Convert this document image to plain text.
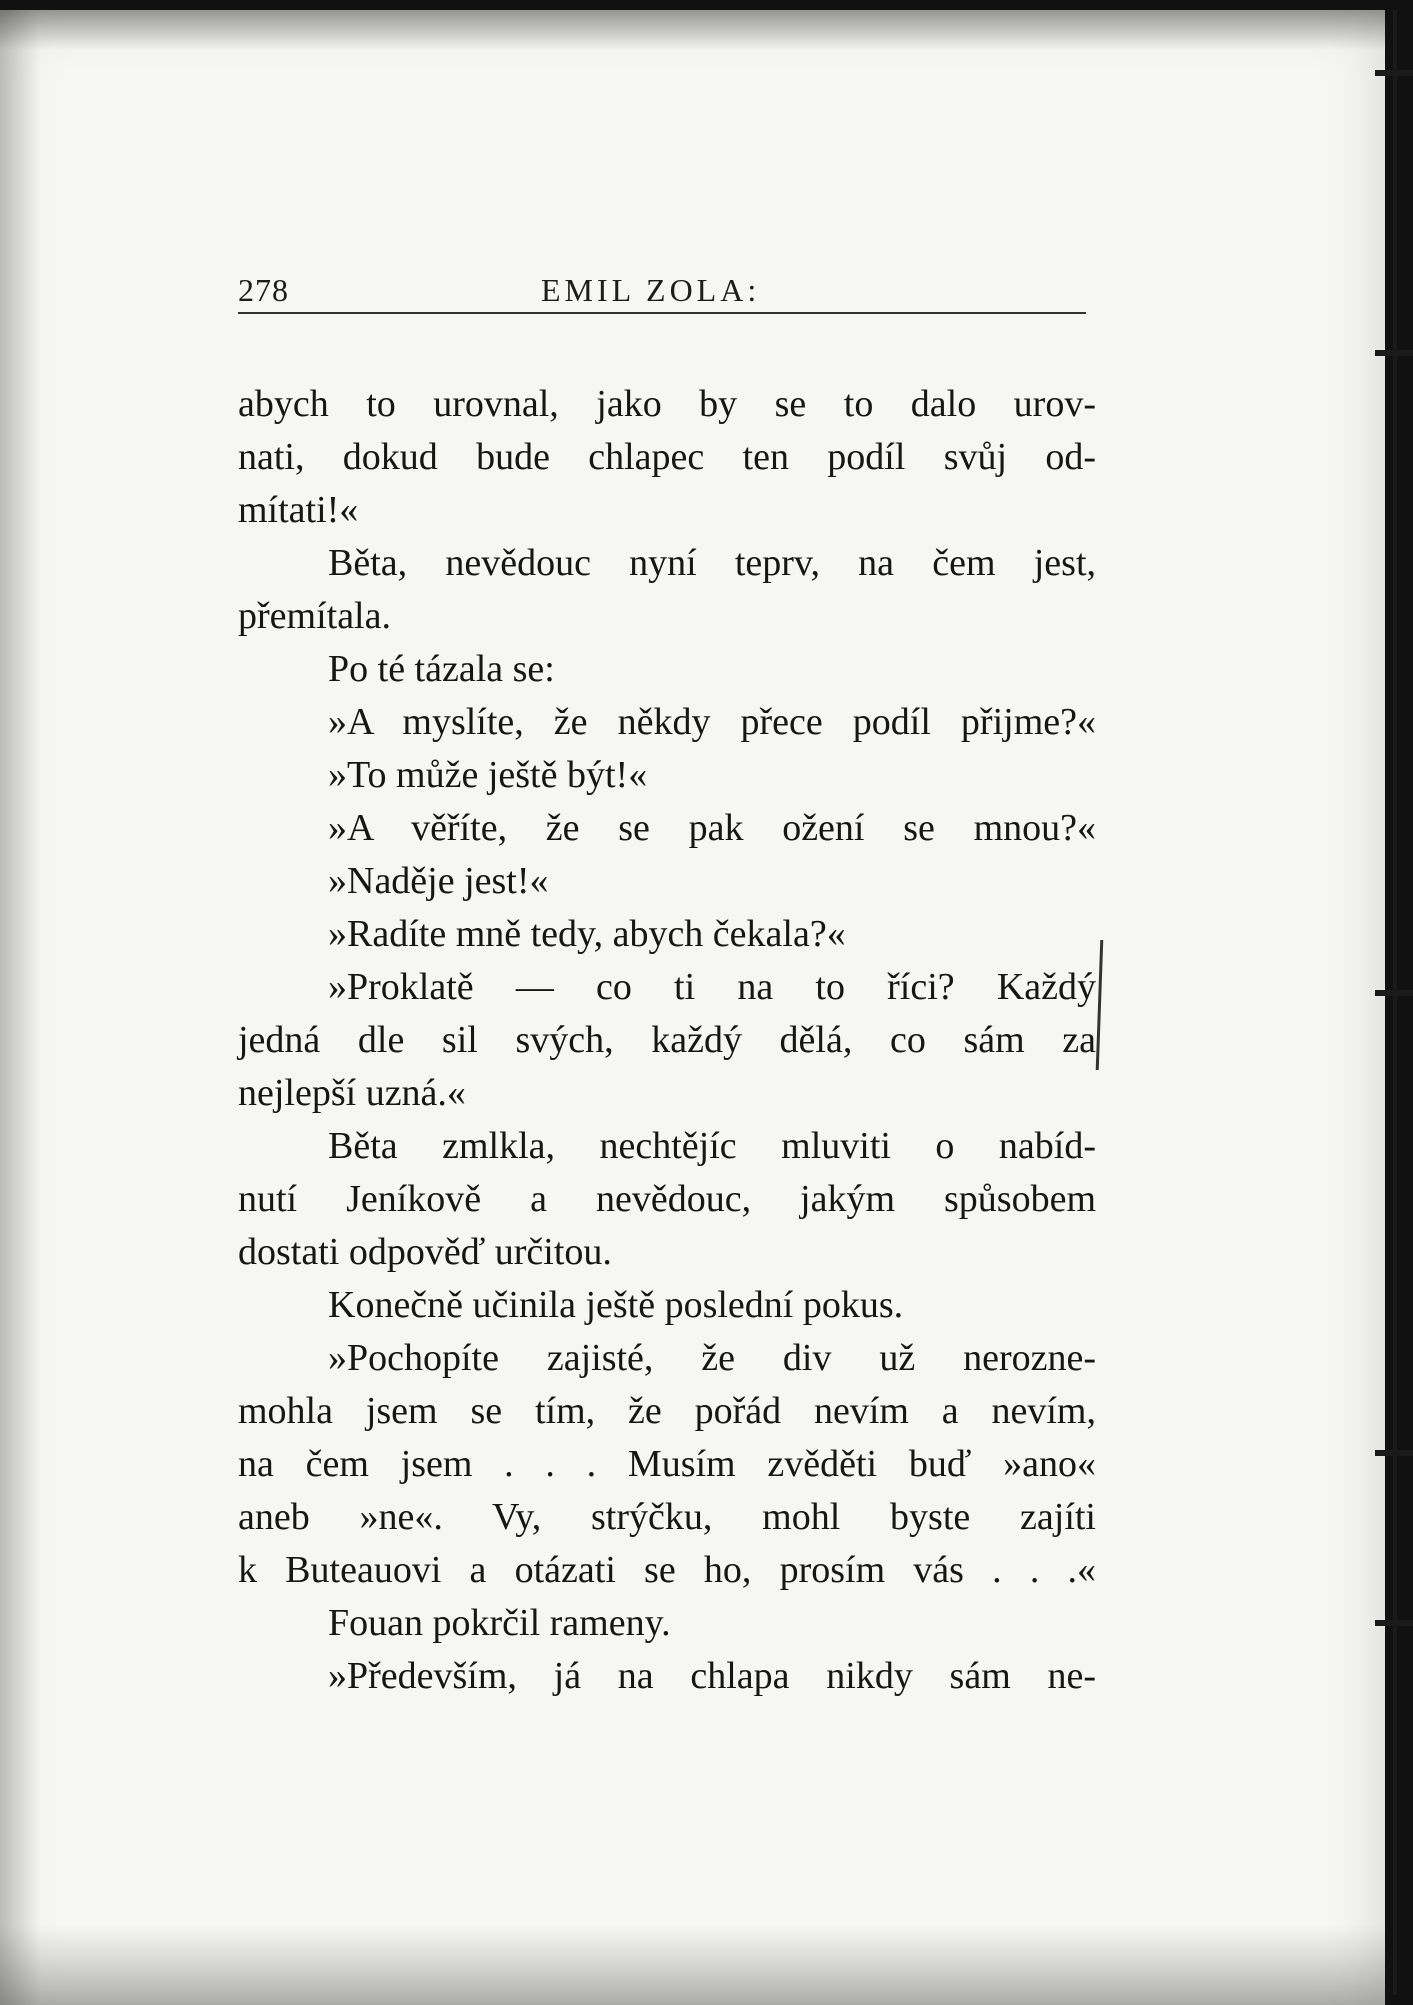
278	EMIL ZOLA:
abych to urovnal, jako by se to dalo urov-
nati, dokud bude chlapec ten podíl svůj od-
mítati!«
Běta, nevědouc nyní teprv, na čem jest,
přemítala.
Po té tázala se:
»A myslíte, že někdy přece podíl přijme?«
»To může ještě být!«
»A věříte, že se pak ožení se mnou?«
»Naděje jest!«
»Radíte mně tedy, abych čekala?«
»Proklatě — co ti na to říci? Každý
jedná dle sil svých, každý dělá, co sám za
nejlepší uzná.«
Běta zmlkla, nechtějíc mluviti o nabíd-
nutí Jeníkově a nevědouc, jakým spůsobem
dostati odpověď určitou.
Konečně učinila ještě poslední pokus.
»Pochopíte zajisté, že div už nerozne-
mohla jsem se tím, že pořád nevím a nevím,
na čem jsem . . . Musím zvěděti buď »ano«
aneb »ne«. Vy, strýčku, mohl byste zajíti
k Buteauovi a otázati se ho, prosím vás . . .«
Fouan pokrčil rameny.
»Především, já na chlapa nikdy sám ne-
